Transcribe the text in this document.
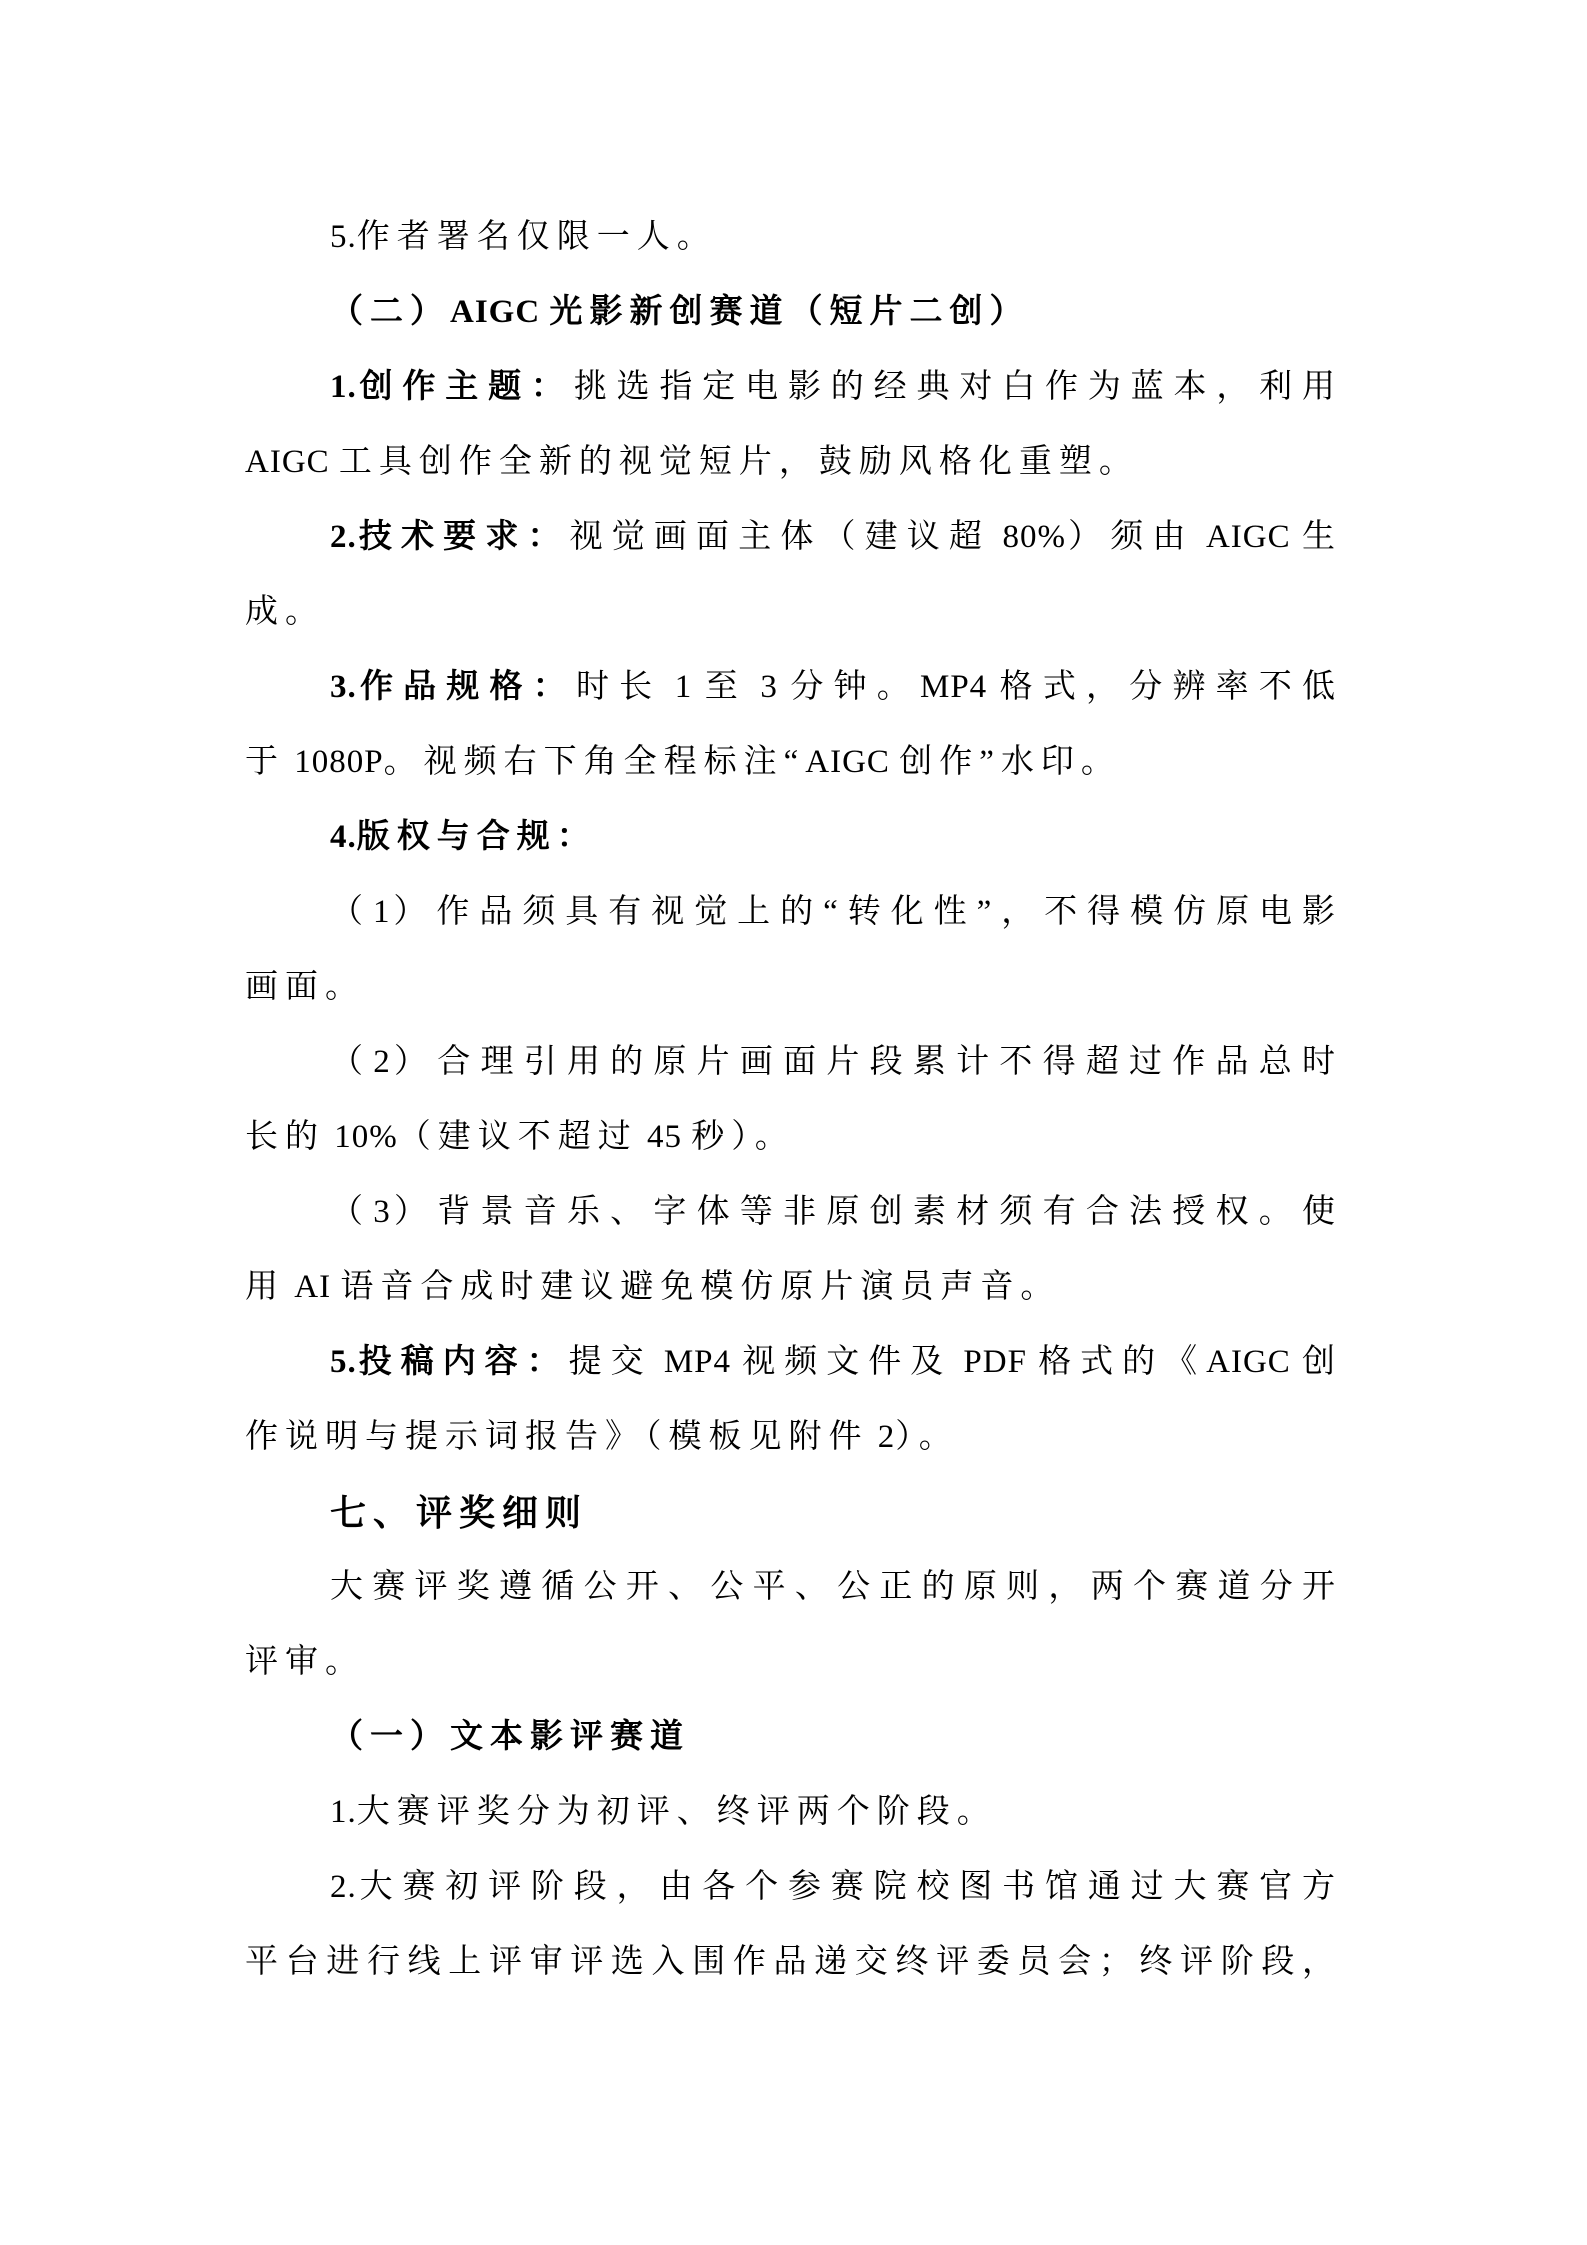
5.作者署名仅限一人。
（二）AIGC 光影新创赛道（短片二创）
1.创作主题：挑选指定电影的经典对白作为蓝本，利用
AIGC 工具创作全新的视觉短片，鼓励风格化重塑。
2.技术要求：视觉画面主体（建议超 80%）须由 AIGC 生
成。
3.作品规格：时长 1 至 3 分钟。MP4 格式，分辨率不低
于 1080P。视频右下角全程标注“AIGC 创作”水印。
4.版权与合规：
（1）作品须具有视觉上的“转化性”，不得模仿原电影
画面。
（2）合理引用的原片画面片段累计不得超过作品总时
长的 10%（建议不超过 45 秒）。
（3）背景音乐、字体等非原创素材须有合法授权。使
用 AI 语音合成时建议避免模仿原片演员声音。
5.投稿内容：提交 MP4 视频文件及 PDF 格式的《AIGC 创
作说明与提示词报告》（模板见附件 2）。
七、评奖细则
大赛评奖遵循公开、公平、公正的原则，两个赛道分开
评审。
（一）文本影评赛道
1.大赛评奖分为初评、终评两个阶段。
2.大赛初评阶段，由各个参赛院校图书馆通过大赛官方
平台进行线上评审评选入围作品递交终评委员会；终评阶段，
